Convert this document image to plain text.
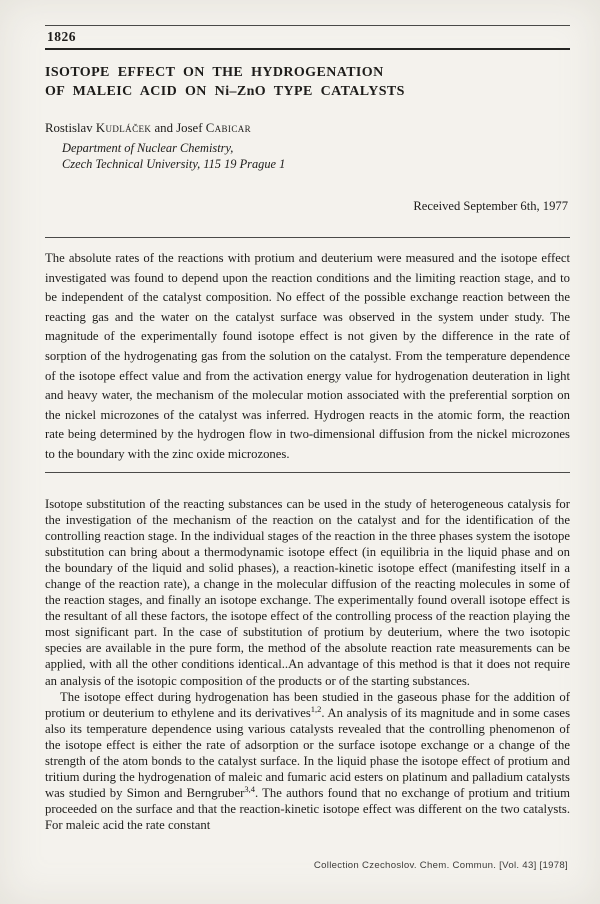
1826
ISOTOPE EFFECT ON THE HYDROGENATION
OF MALEIC ACID ON Ni–ZnO TYPE CATALYSTS
Rostislav Kudláček and Josef Cabicar
Department of Nuclear Chemistry,
Czech Technical University, 115 19 Prague 1
Received September 6th, 1977
The absolute rates of the reactions with protium and deuterium were measured and the isotope effect investigated was found to depend upon the reaction conditions and the limiting reaction stage, and to be independent of the catalyst composition. No effect of the possible exchange reaction between the reacting gas and the water on the catalyst surface was observed in the system under study. The magnitude of the experimentally found isotope effect is not given by the difference in the rate of sorption of the hydrogenating gas from the solution on the catalyst. From the temperature dependence of the isotope effect value and from the activation energy value for hydrogenation deuteration in light and heavy water, the mechanism of the molecular motion associated with the preferential sorption on the nickel microzones of the catalyst was inferred. Hydrogen reacts in the atomic form, the reaction rate being determined by the hydrogen flow in two-dimensional diffusion from the nickel microzones to the boundary with the zinc oxide microzones.

Isotope substitution of the reacting substances can be used in the study of heterogeneous catalysis for the investigation of the mechanism of the reaction on the catalyst and for the identification of the controlling reaction stage. In the individual stages of the reaction in the three phases system the isotope substitution can bring about a thermodynamic isotope effect (in equilibria in the liquid phase and on the boundary of the liquid and solid phases), a reaction-kinetic isotope effect (manifesting itself in a change of the reaction rate), a change in the molecular diffusion of the reacting molecules in some of the reaction stages, and finally an isotope exchange. The experimentally found overall isotope effect is the resultant of all these factors, the isotope effect of the controlling process of the reaction playing the most significant part. In the case of substitution of protium by deuterium, where the two isotopic species are available in the pure form, the method of the absolute reaction rate measurements can be applied, with all the other conditions identical..An advantage of this method is that it does not require an analysis of the isotopic composition of the products or of the starting substances.

The isotope effect during hydrogenation has been studied in the gaseous phase for the addition of protium or deuterium to ethylene and its derivatives$^{1,2}$. An analysis of its magnitude and in some cases also its temperature dependence using various catalysts revealed that the controlling phenomenon of the isotope effect is either the rate of adsorption or the surface isotope exchange or a change of the strength of the atom bonds to the catalyst surface. In the liquid phase the isotope effect of protium and tritium during the hydrogenation of maleic and fumaric acid esters on platinum and palladium catalysts was studied by Simon and Berngruber$^{3,4}$. The authors found that no exchange of protium and tritium proceeded on the surface and that the reaction-kinetic isotope effect was different on the two catalysts. For maleic acid the rate constant

Collection Czechoslov. Chem. Commun. [Vol. 43] [1978]
